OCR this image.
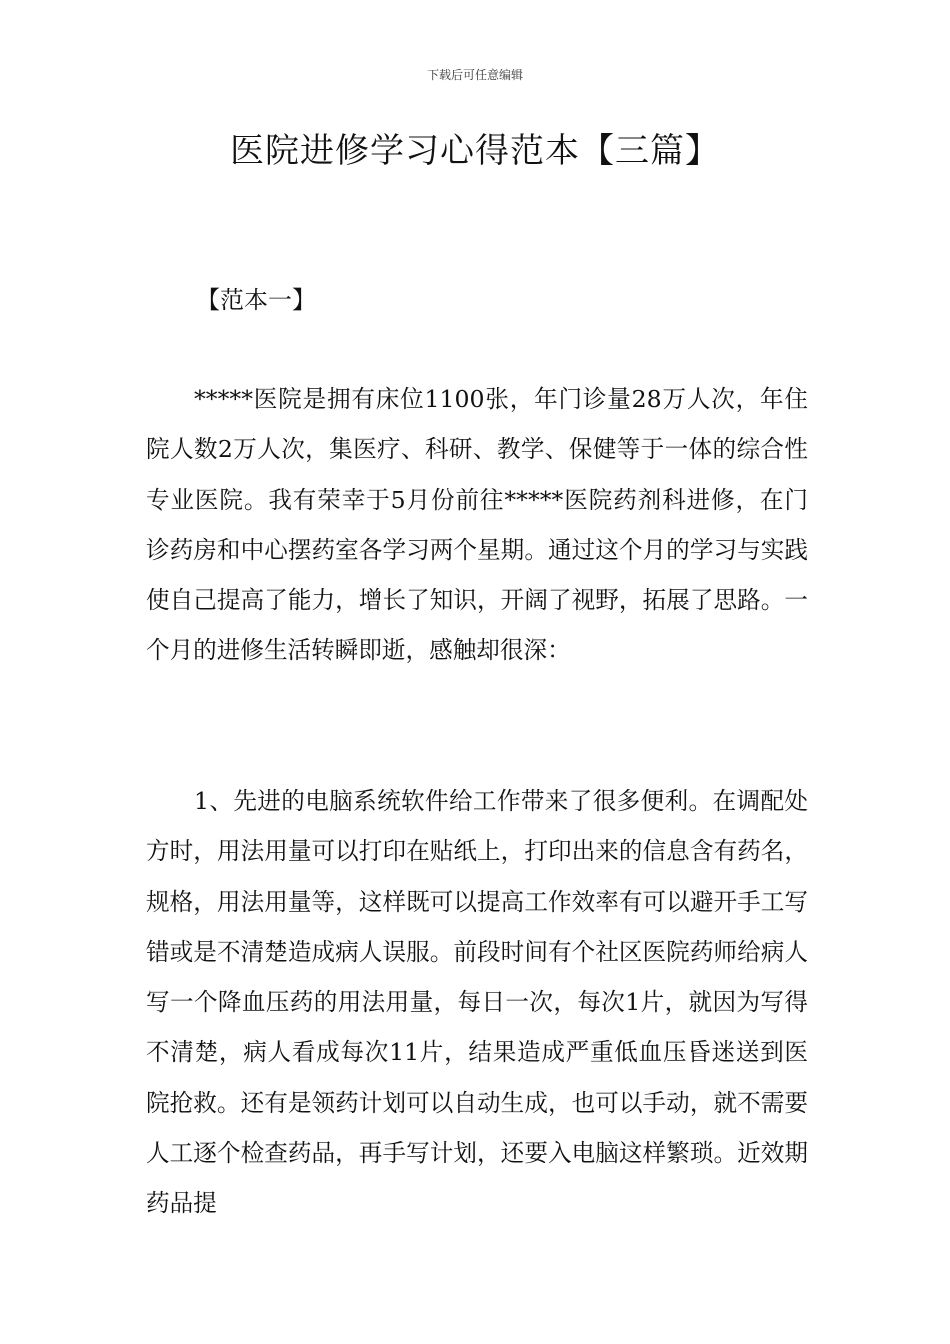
下载后可任意编辑
医院进修学习心得范本【三篇】
【范本一】

*****医院是拥有床位1100张，年门诊量28万人次，年住院人数2万人次，集医疗、科研、教学、保健等于一体的综合性专业医院。我有荣幸于5月份前往*****医院药剂科进修，在门诊药房和中心摆药室各学习两个星期。通过这个月的学习与实践使自己提高了能力，增长了知识，开阔了视野，拓展了思路。一个月的进修生活转瞬即逝，感触却很深：

1、先进的电脑系统软件给工作带来了很多便利。在调配处方时，用法用量可以打印在贴纸上，打印出来的信息含有药名，规格，用法用量等，这样既可以提高工作效率有可以避开手工写错或是不清楚造成病人误服。前段时间有个社区医院药师给病人写一个降血压药的用法用量，每日一次，每次1片，就因为写得不清楚，病人看成每次11片，结果造成严重低血压昏迷送到医院抢救。还有是领药计划可以自动生成，也可以手动，就不需要人工逐个检查药品，再手写计划，还要入电脑这样繁琐。近效期药品提
